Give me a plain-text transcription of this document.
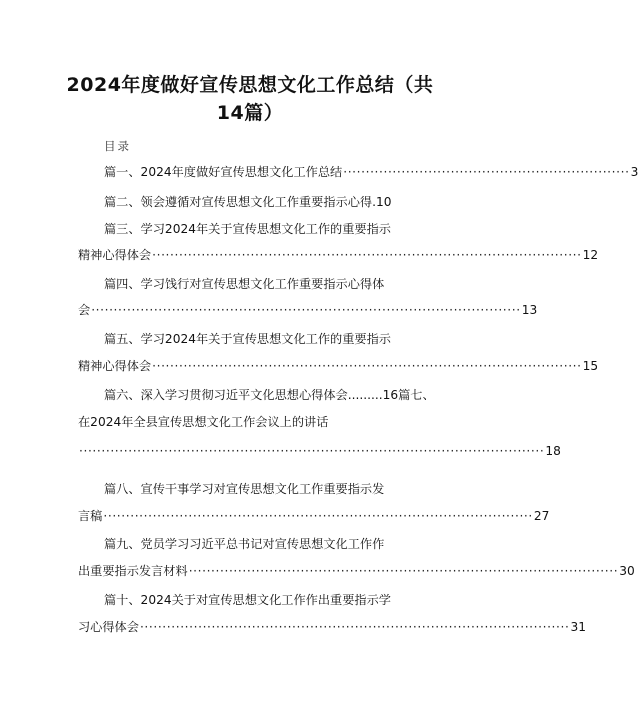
2024年度做好宣传思想文化工作总结（共
14篇）
目录
篇一、2024年度做好宣传思想文化工作总结 ································································ 3
篇二、领会遵循对宣传思想文化工作重要指示心得.10
篇三、学习2024年关于宣传思想文化工作的重要指示
精神心得体会 ································································································ 12
篇四、学习饯行对宣传思想文化工作重要指示心得体
会 ································································································ 13
篇五、学习2024年关于宣传思想文化工作的重要指示
精神心得体会 ································································································ 15
篇六、深入学习贯彻习近平文化思想心得体会.........16篇七、
在2024年全县宣传思想文化工作会议上的讲话
········································································································ 18
篇八、宣传干事学习对宣传思想文化工作重要指示发
言稿 ································································································ 27
篇九、党员学习习近平总书记对宣传思想文化工作作
出重要指示发言材料 ································································································ 30
篇十、2024关于对宣传思想文化工作作出重要指示学
习心得体会 ································································································ 31
